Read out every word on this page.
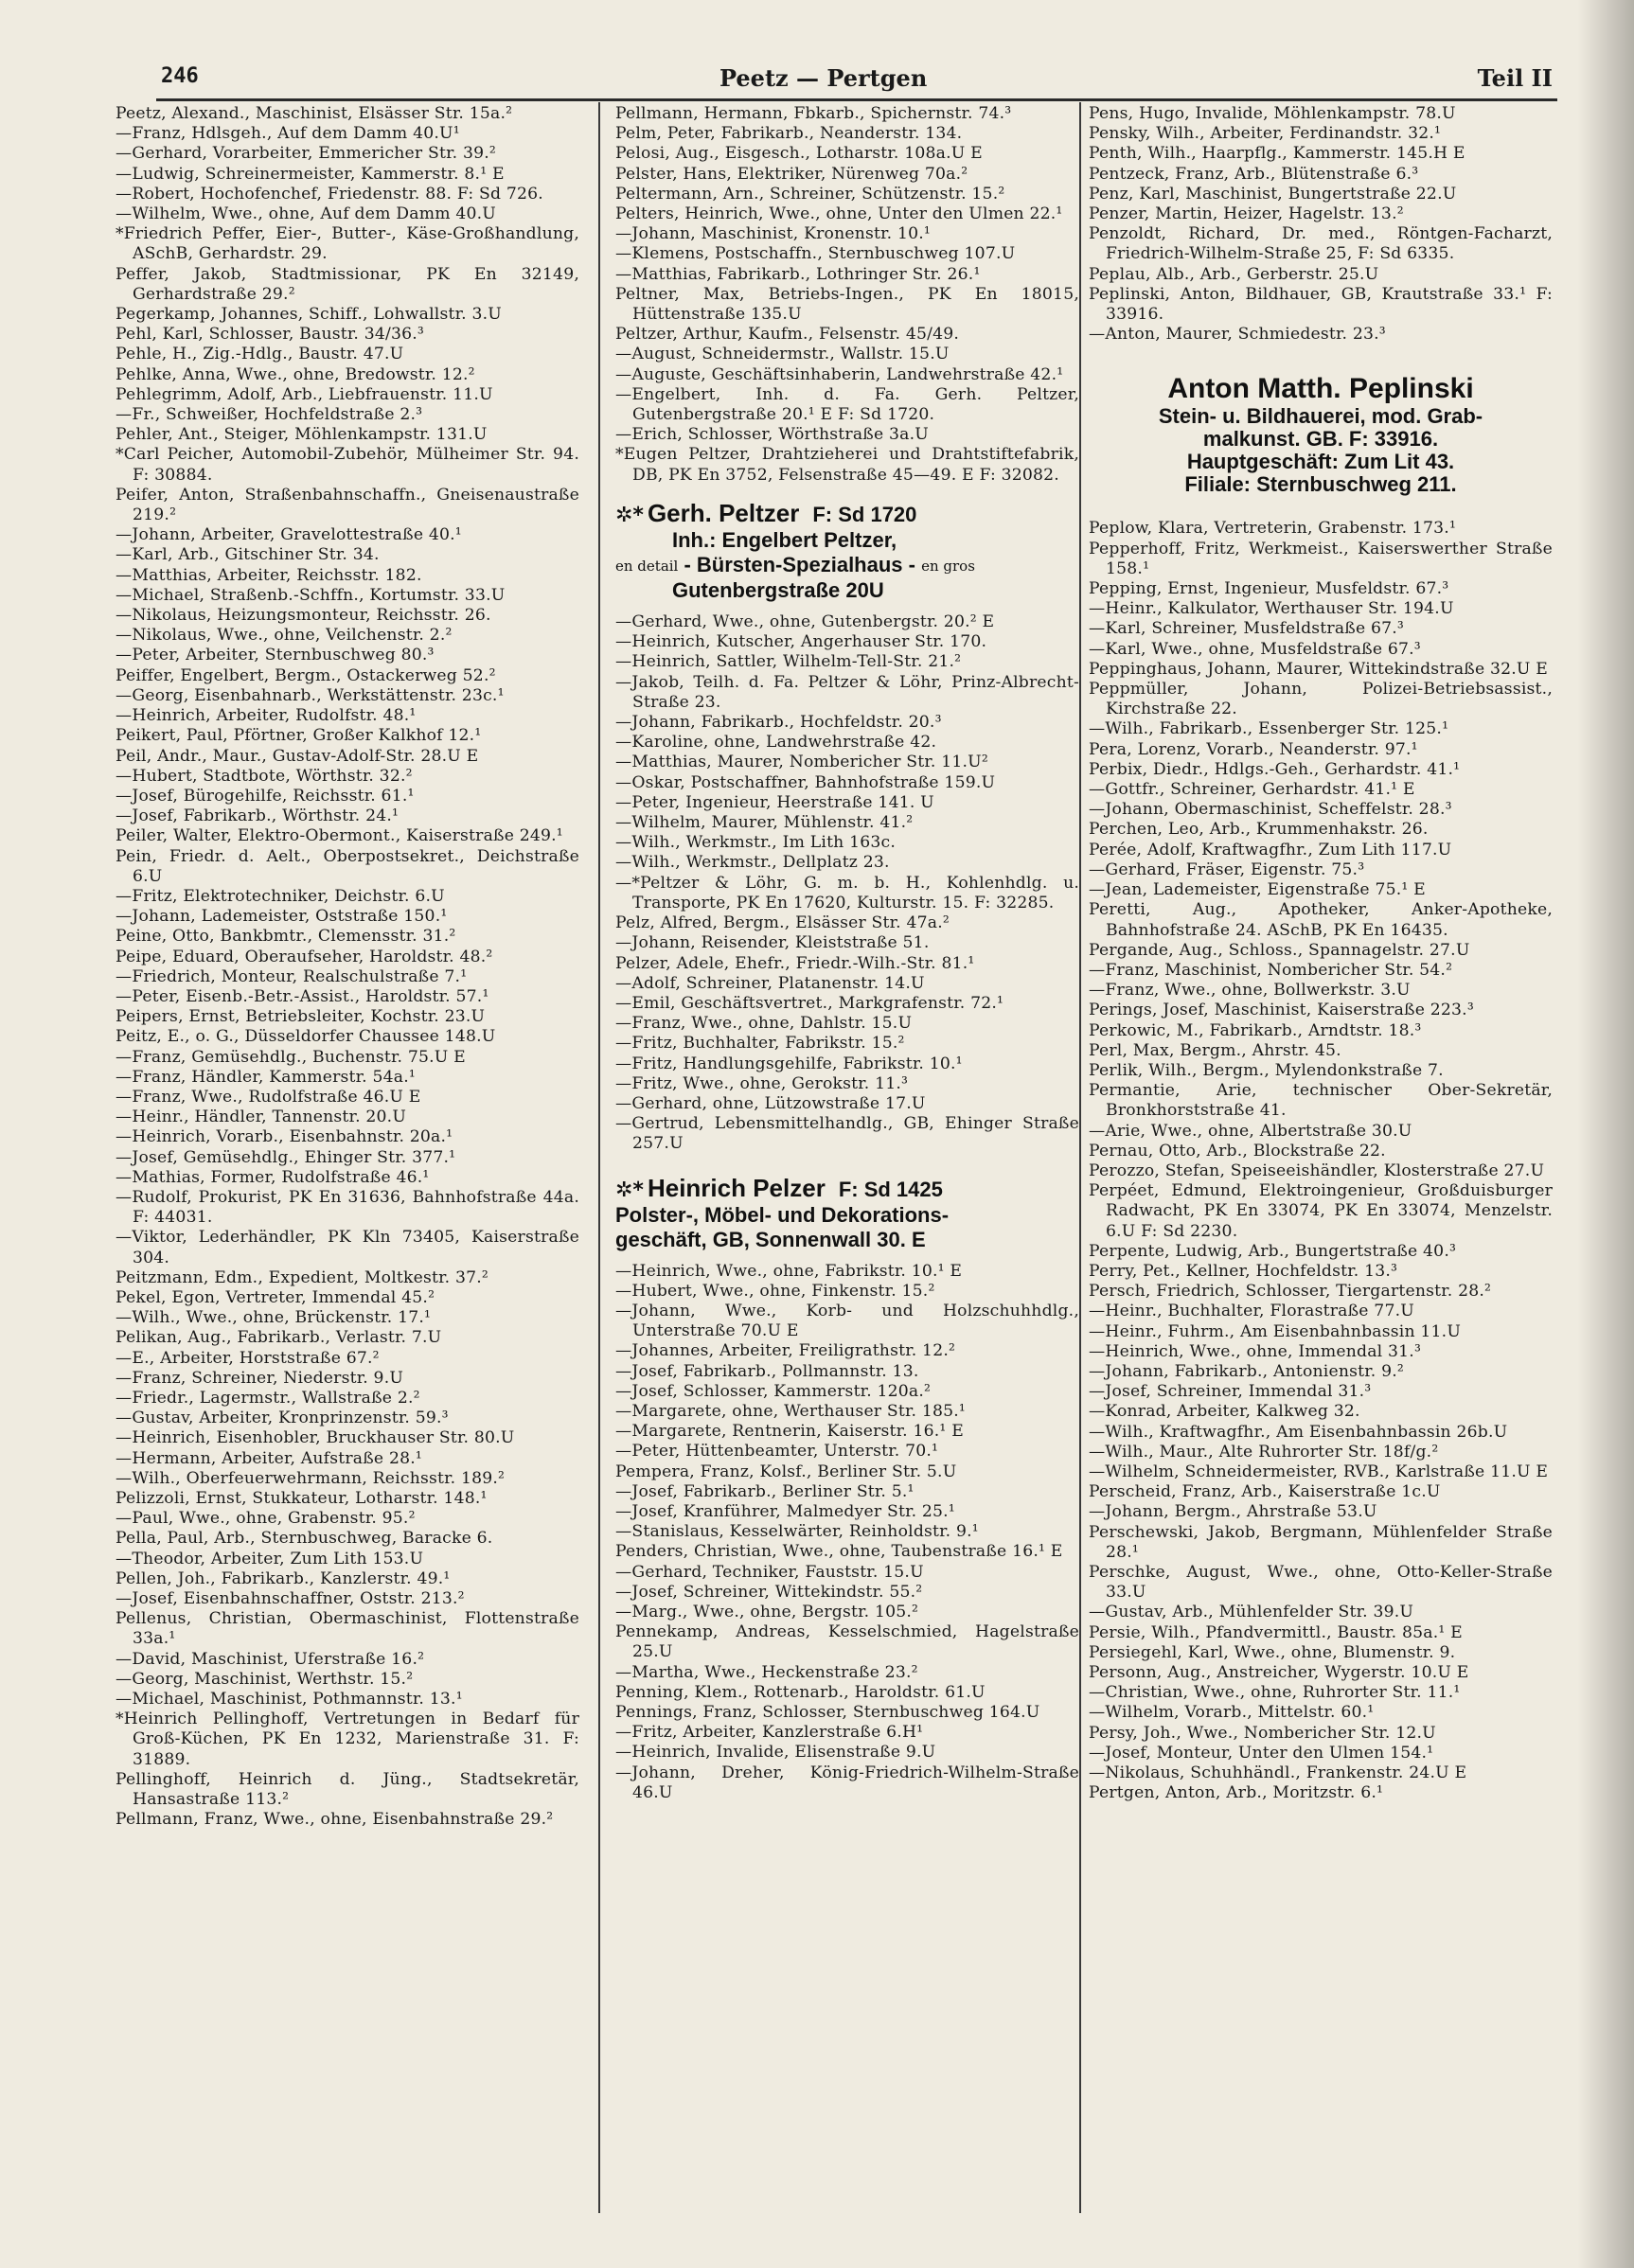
246	Peetz — Pertgen	Teil II
Peetz, Alexand., Maschinist, Elsässer Str. 15a.²
—Franz, Hdlsgeh., Auf dem Damm 40.U¹
—Gerhard, Vorarbeiter, Emmericher Str. 39.²
—Ludwig, Schreinermeister, Kammerstr. 8.¹ E
—Robert, Hochofenchef, Friedenstr. 88. F: Sd 726.
—Wilhelm, Wwe., ohne, Auf dem Damm 40.U
*Friedrich Peffer, Eier-, Butter-, Käse-Großhandlung, ASchB, Gerhardstr. 29.
Peffer, Jakob, Stadtmissionar, PK En 32149, Gerhardstraße 29.²
Pegerkamp, Johannes, Schiff., Lohwallstr. 3.U
Pehl, Karl, Schlosser, Baustr. 34/36.³
Pehle, H., Zig.-Hdlg., Baustr. 47.U
Pehlke, Anna, Wwe., ohne, Bredowstr. 12.²
Pehlegrimm, Adolf, Arb., Liebfrauenstr. 11.U
—Fr., Schweißer, Hochfeldstraße 2.³
Pehler, Ant., Steiger, Möhlenkampstr. 131.U
*Carl Peicher, Automobil-Zubehör, Mülheimer Str. 94. F: 30884.
Peifer, Anton, Straßenbahnschaffn., Gneisenaustraße 219.²
—Johann, Arbeiter, Gravelottestraße 40.¹
—Karl, Arb., Gitschiner Str. 34.
—Matthias, Arbeiter, Reichsstr. 182.
—Michael, Straßenb.-Schffn., Kortumstr. 33.U
—Nikolaus, Heizungsmonteur, Reichsstr. 26.
—Nikolaus, Wwe., ohne, Veilchenstr. 2.²
—Peter, Arbeiter, Sternbuschweg 80.³
Peiffer, Engelbert, Bergm., Ostackerweg 52.²
—Georg, Eisenbahnarb., Werkstättenstr. 23c.¹
—Heinrich, Arbeiter, Rudolfstr. 48.¹
Peikert, Paul, Pförtner, Großer Kalkhof 12.¹
Peil, Andr., Maur., Gustav-Adolf-Str. 28.U E
—Hubert, Stadtbote, Wörthstr. 32.²
—Josef, Bürogehilfe, Reichsstr. 61.¹
—Josef, Fabrikarb., Wörthstr. 24.¹
Peiler, Walter, Elektro-Obermont., Kaiserstraße 249.¹
Pein, Friedr. d. Aelt., Oberpostsekret., Deichstraße 6.U
—Fritz, Elektrotechniker, Deichstr. 6.U
—Johann, Lademeister, Oststraße 150.¹
Peine, Otto, Bankbmtr., Clemensstr. 31.²
Peipe, Eduard, Oberaufseher, Haroldstr. 48.²
—Friedrich, Monteur, Realschulstraße 7.¹
—Peter, Eisenb.-Betr.-Assist., Haroldstr. 57.¹
Peipers, Ernst, Betriebsleiter, Kochstr. 23.U
Peitz, E., o. G., Düsseldorfer Chaussee 148.U
—Franz, Gemüsehdlg., Buchenstr. 75.U E
—Franz, Händler, Kammerstr. 54a.¹
—Franz, Wwe., Rudolfstraße 46.U E
—Heinr., Händler, Tannenstr. 20.U
—Heinrich, Vorarb., Eisenbahnstr. 20a.¹
—Josef, Gemüsehdlg., Ehinger Str. 377.¹
—Mathias, Former, Rudolfstraße 46.¹
—Rudolf, Prokurist, PK En 31636, Bahnhofstraße 44a. F: 44031.
—Viktor, Lederhändler, PK Kln 73405, Kaiserstraße 304.
Peitzmann, Edm., Expedient, Moltkestr. 37.²
Pekel, Egon, Vertreter, Immendal 45.²
—Wilh., Wwe., ohne, Brückenstr. 17.¹
Pelikan, Aug., Fabrikarb., Verlastr. 7.U
—E., Arbeiter, Horststraße 67.²
—Franz, Schreiner, Niederstr. 9.U
—Friedr., Lagermstr., Wallstraße 2.²
—Gustav, Arbeiter, Kronprinzenstr. 59.³
—Heinrich, Eisenhobler, Bruckhauser Str. 80.U
—Hermann, Arbeiter, Aufstraße 28.¹
—Wilh., Oberfeuerwehrmann, Reichsstr. 189.²
Pelizzoli, Ernst, Stukkateur, Lotharstr. 148.¹
—Paul, Wwe., ohne, Grabenstr. 95.²
Pella, Paul, Arb., Sternbuschweg, Baracke 6.
—Theodor, Arbeiter, Zum Lith 153.U
Pellen, Joh., Fabrikarb., Kanzlerstr. 49.¹
—Josef, Eisenbahnschaffner, Oststr. 213.²
Pellenus, Christian, Obermaschinist, Flottenstraße 33a.¹
—David, Maschinist, Uferstraße 16.²
—Georg, Maschinist, Werthstr. 15.²
—Michael, Maschinist, Pothmannstr. 13.¹
*Heinrich Pellinghoff, Vertretungen in Bedarf für Groß-Küchen, PK En 1232, Marienstraße 31. F: 31889.
Pellinghoff, Heinrich d. Jüng., Stadtsekretär, Hansastraße 113.²
Pellmann, Franz, Wwe., ohne, Eisenbahnstraße 29.²
Pellmann, Hermann, Fbkarb., Spichernstr. 74.³
Pelm, Peter, Fabrikarb., Neanderstr. 134.
Pelosi, Aug., Eisgesch., Lotharstr. 108a.U E
Pelster, Hans, Elektriker, Nürenweg 70a.²
Peltermann, Arn., Schreiner, Schützenstr. 15.²
Pelters, Heinrich, Wwe., ohne, Unter den Ulmen 22.¹
—Johann, Maschinist, Kronenstr. 10.¹
—Klemens, Postschaffn., Sternbuschweg 107.U
—Matthias, Fabrikarb., Lothringer Str. 26.¹
Peltner, Max, Betriebs-Ingen., PK En 18015, Hüttenstraße 135.U
Peltzer, Arthur, Kaufm., Felsenstr. 45/49.
—August, Schneidermstr., Wallstr. 15.U
—Auguste, Geschäftsinhaberin, Landwehrstraße 42.¹
—Engelbert, Inh. d. Fa. Gerh. Peltzer, Gutenbergstraße 20.¹ E F: Sd 1720.
—Erich, Schlosser, Wörthstraße 3a.U
*Eugen Peltzer, Drahtzieherei und Drahtstiftefabrik, DB, PK En 3752, Felsenstraße 45—49. E F: 32082.
✲* Gerh. Peltzer F: Sd 1720
Inh.: Engelbert Peltzer,
en detail - Bürsten-Spezialhaus - en gros
Gutenbergstraße 20U
—Gerhard, Wwe., ohne, Gutenbergstr. 20.² E
—Heinrich, Kutscher, Angerhauser Str. 170.
—Heinrich, Sattler, Wilhelm-Tell-Str. 21.²
—Jakob, Teilh. d. Fa. Peltzer & Löhr, Prinz-Albrecht-Straße 23.
—Johann, Fabrikarb., Hochfeldstr. 20.³
—Karoline, ohne, Landwehrstraße 42.
—Matthias, Maurer, Nombericher Str. 11.U²
—Oskar, Postschaffner, Bahnhofstraße 159.U
—Peter, Ingenieur, Heerstraße 141. U
—Wilhelm, Maurer, Mühlenstr. 41.²
—Wilh., Werkmstr., Im Lith 163c.
—Wilh., Werkmstr., Dellplatz 23.
—*Peltzer & Löhr, G. m. b. H., Kohlenhdlg. u. Transporte, PK En 17620, Kulturstr. 15. F: 32285.
Pelz, Alfred, Bergm., Elsässer Str. 47a.²
—Johann, Reisender, Kleiststraße 51.
Pelzer, Adele, Ehefr., Friedr.-Wilh.-Str. 81.¹
—Adolf, Schreiner, Platanenstr. 14.U
—Emil, Geschäftsvertret., Markgrafenstr. 72.¹
—Franz, Wwe., ohne, Dahlstr. 15.U
—Fritz, Buchhalter, Fabrikstr. 15.²
—Fritz, Handlungsgehilfe, Fabrikstr. 10.¹
—Fritz, Wwe., ohne, Gerokstr. 11.³
—Gerhard, ohne, Lützowstraße 17.U
—Gertrud, Lebensmittelhandlg., GB, Ehinger Straße 257.U
✲* Heinrich Pelzer F: Sd 1425
Polster-, Möbel- und Dekorations-
geschäft, GB, Sonnenwall 30. E
—Heinrich, Wwe., ohne, Fabrikstr. 10.¹ E
—Hubert, Wwe., ohne, Finkenstr. 15.²
—Johann, Wwe., Korb- und Holzschuhhdlg., Unterstraße 70.U E
—Johannes, Arbeiter, Freiligrathstr. 12.²
—Josef, Fabrikarb., Pollmannstr. 13.
—Josef, Schlosser, Kammerstr. 120a.²
—Margarete, ohne, Werthauser Str. 185.¹
—Margarete, Rentnerin, Kaiserstr. 16.¹ E
—Peter, Hüttenbeamter, Unterstr. 70.¹
Pempera, Franz, Kolsf., Berliner Str. 5.U
—Josef, Fabrikarb., Berliner Str. 5.¹
—Josef, Kranführer, Malmedyer Str. 25.¹
—Stanislaus, Kesselwärter, Reinholdstr. 9.¹
Penders, Christian, Wwe., ohne, Taubenstraße 16.¹ E
—Gerhard, Techniker, Fauststr. 15.U
—Josef, Schreiner, Wittekindstr. 55.²
—Marg., Wwe., ohne, Bergstr. 105.²
Pennekamp, Andreas, Kesselschmied, Hagelstraße 25.U
—Martha, Wwe., Heckenstraße 23.²
Penning, Klem., Rottenarb., Haroldstr. 61.U
Pennings, Franz, Schlosser, Sternbuschweg 164.U
—Fritz, Arbeiter, Kanzlerstraße 6.H¹
—Heinrich, Invalide, Elisenstraße 9.U
—Johann, Dreher, König-Friedrich-Wilhelm-Straße 46.U
Pens, Hugo, Invalide, Möhlenkampstr. 78.U
Pensky, Wilh., Arbeiter, Ferdinandstr. 32.¹
Penth, Wilh., Haarpflg., Kammerstr. 145.H E
Pentzeck, Franz, Arb., Blütenstraße 6.³
Penz, Karl, Maschinist, Bungertstraße 22.U
Penzer, Martin, Heizer, Hagelstr. 13.²
Penzoldt, Richard, Dr. med., Röntgen-Facharzt, Friedrich-Wilhelm-Straße 25, F: Sd 6335.
Peplau, Alb., Arb., Gerberstr. 25.U
Peplinski, Anton, Bildhauer, GB, Krautstraße 33.¹ F: 33916.
—Anton, Maurer, Schmiedestr. 23.³
Anton Matth. Peplinski
Stein- u. Bildhauerei, mod. Grab-
malkunst. GB. F: 33916.
Hauptgeschäft: Zum Lit 43.
Filiale: Sternbuschweg 211.
Peplow, Klara, Vertreterin, Grabenstr. 173.¹
Pepperhoff, Fritz, Werkmeist., Kaiserswerther Straße 158.¹
Pepping, Ernst, Ingenieur, Musfeldstr. 67.³
—Heinr., Kalkulator, Werthauser Str. 194.U
—Karl, Schreiner, Musfeldstraße 67.³
—Karl, Wwe., ohne, Musfeldstraße 67.³
Peppinghaus, Johann, Maurer, Wittekindstraße 32.U E
Peppmüller, Johann, Polizei-Betriebsassist., Kirchstraße 22.
—Wilh., Fabrikarb., Essenberger Str. 125.¹
Pera, Lorenz, Vorarb., Neanderstr. 97.¹
Perbix, Diedr., Hdlgs.-Geh., Gerhardstr. 41.¹
—Gottfr., Schreiner, Gerhardstr. 41.¹ E
—Johann, Obermaschinist, Scheffelstr. 28.³
Perchen, Leo, Arb., Krummenhakstr. 26.
Perée, Adolf, Kraftwagfhr., Zum Lith 117.U
—Gerhard, Fräser, Eigenstr. 75.³
—Jean, Lademeister, Eigenstraße 75.¹ E
Peretti, Aug., Apotheker, Anker-Apotheke, Bahnhofstraße 24. ASchB, PK En 16435.
Pergande, Aug., Schloss., Spannagelstr. 27.U
—Franz, Maschinist, Nombericher Str. 54.²
—Franz, Wwe., ohne, Bollwerkstr. 3.U
Perings, Josef, Maschinist, Kaiserstraße 223.³
Perkowic, M., Fabrikarb., Arndtstr. 18.³
Perl, Max, Bergm., Ahrstr. 45.
Perlik, Wilh., Bergm., Mylendonkstraße 7.
Permantie, Arie, technischer Ober-Sekretär, Bronkhorststraße 41.
—Arie, Wwe., ohne, Albertstraße 30.U
Pernau, Otto, Arb., Blockstraße 22.
Perozzo, Stefan, Speiseeishändler, Klosterstraße 27.U
Perpéet, Edmund, Elektroingenieur, Großduisburger Radwacht, PK En 33074, PK En 33074, Menzelstr. 6.U F: Sd 2230.
Perpente, Ludwig, Arb., Bungertstraße 40.³
Perry, Pet., Kellner, Hochfeldstr. 13.³
Persch, Friedrich, Schlosser, Tiergartenstr. 28.²
—Heinr., Buchhalter, Florastraße 77.U
—Heinr., Fuhrm., Am Eisenbahnbassin 11.U
—Heinrich, Wwe., ohne, Immendal 31.³
—Johann, Fabrikarb., Antonienstr. 9.²
—Josef, Schreiner, Immendal 31.³
—Konrad, Arbeiter, Kalkweg 32.
—Wilh., Kraftwagfhr., Am Eisenbahnbassin 26b.U
—Wilh., Maur., Alte Ruhrorter Str. 18f/g.²
—Wilhelm, Schneidermeister, RVB., Karlstraße 11.U E
Perscheid, Franz, Arb., Kaiserstraße 1c.U
—Johann, Bergm., Ahrstraße 53.U
Perschewski, Jakob, Bergmann, Mühlenfelder Straße 28.¹
Perschke, August, Wwe., ohne, Otto-Keller-Straße 33.U
—Gustav, Arb., Mühlenfelder Str. 39.U
Persie, Wilh., Pfandvermittl., Baustr. 85a.¹ E
Persiegehl, Karl, Wwe., ohne, Blumenstr. 9.
Personn, Aug., Anstreicher, Wygerstr. 10.U E
—Christian, Wwe., ohne, Ruhrorter Str. 11.¹
—Wilhelm, Vorarb., Mittelstr. 60.¹
Persy, Joh., Wwe., Nombericher Str. 12.U
—Josef, Monteur, Unter den Ulmen 154.¹
—Nikolaus, Schuhhändl., Frankenstr. 24.U E
Pertgen, Anton, Arb., Moritzstr. 6.¹
